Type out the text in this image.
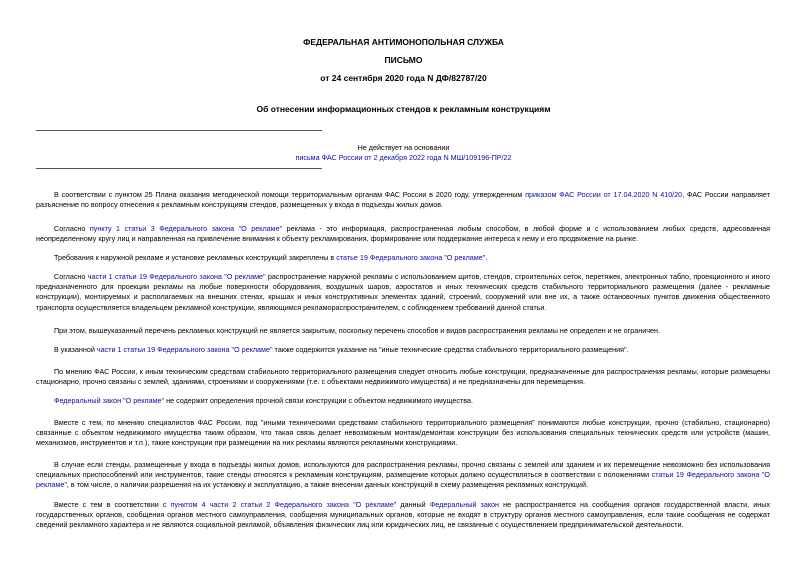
ФЕДЕРАЛЬНАЯ АНТИМОНОПОЛЬНАЯ СЛУЖБА
ПИСЬМО
от 24 сентября 2020 года N ДФ/82787/20
Об отнесении информационных стендов к рекламным конструкциям
Не действует на основании
письма ФАС России от 2 декабря 2022 года N МШ/109196-ПР/22
В соответствии с пунктом 25 Плана оказания методической помощи территориальным органам ФАС России в 2020 году, утвержденным приказом ФАС России от 17.04.2020 N 410/20, ФАС России направляет разъяснение по вопросу отнесения к рекламным конструкциям стендов, размещенных у входа в подъезды жилых домов.
Согласно пункту 1 статьи 3 Федерального закона "О рекламе" реклама - это информация, распространенная любым способом, в любой форме и с использованием любых средств, адресованная неопределенному кругу лиц и направленная на привлечение внимания к объекту рекламирования, формирование или поддержание интереса к нему и его продвижение на рынке.
Требования к наружной рекламе и установке рекламных конструкций закреплены в статье 19 Федерального закона "О рекламе".
Согласно части 1 статьи 19 Федерального закона "О рекламе" распространение наружной рекламы с использованием щитов, стендов, строительных сеток, перетяжек, электронных табло, проекционного и иного предназначенного для проекции рекламы на любые поверхности оборудования, воздушных шаров, аэростатов и иных технических средств стабильного территориального размещения (далее - рекламные конструкции), монтируемых и располагаемых на внешних стенах, крышах и иных конструктивных элементах зданий, строений, сооружений или вне их, а также остановочных пунктов движения общественного транспорта осуществляется владельцем рекламной конструкции, являющимся рекламораспространителем, с соблюдением требований данной статьи.
При этом, вышеуказанный перечень рекламных конструкций не является закрытым, поскольку перечень способов и видов распространения рекламы не определен и не ограничен.
В указанной части 1 статьи 19 Федерального закона "О рекламе" также содержится указание на "иные технические средства стабильного территориального размещения".
По мнению ФАС России, к иным техническим средствам стабильного территориального размещения следует относить любые конструкции, предназначенные для распространения рекламы, которые размещены стационарно, прочно связаны с землей, зданиями, строениями и сооружениями (т.е. с объектами недвижимого имущества) и не предназначены для перемещения.
Федеральный закон "О рекламе" не содержит определения прочной связи конструкции с объектом недвижимого имущества.
Вместе с тем, по мнению специалистов ФАС России, под "иными техническими средствами стабильного территориального размещения" понимаются любые конструкции, прочно (стабильно, стационарно) связанные с объектом недвижимого имущества таким образом, что такая связь делает невозможным монтаж/демонтаж конструкции без использования специальных технических средств или устройств (машин, механизмов, инструментов и т.п.), такие конструкции при размещении на них рекламы являются рекламными конструкциями.
В случае если стенды, размещенные у входа в подъезды жилых домов, используются для распространения рекламы, прочно связаны с землей или зданием и их перемещение невозможно без использования специальных приспособлений или инструментов, такие стенды относятся к рекламным конструкциям, размещение которых должно осуществляться в соответствии с положениями статьи 19 Федерального закона "О рекламе", в том числе, о наличии разрешения на их установку и эксплуатацию, а также внесении данных конструкций в схему размещения рекламных конструкций.
Вместе с тем в соответствии с пунктом 4 части 2 статьи 2 Федерального закона "О рекламе" данный Федеральный закон не распространяется на сообщения органов государственной власти, иных государственных органов, сообщения органов местного самоуправления, сообщения муниципальных органов, которые не входят в структуру органов местного самоуправления, если такие сообщения не содержат сведений рекламного характера и не являются социальной рекламой, объявления физических лиц или юридических лиц, не связанные с осуществлением предпринимательской деятельности.
